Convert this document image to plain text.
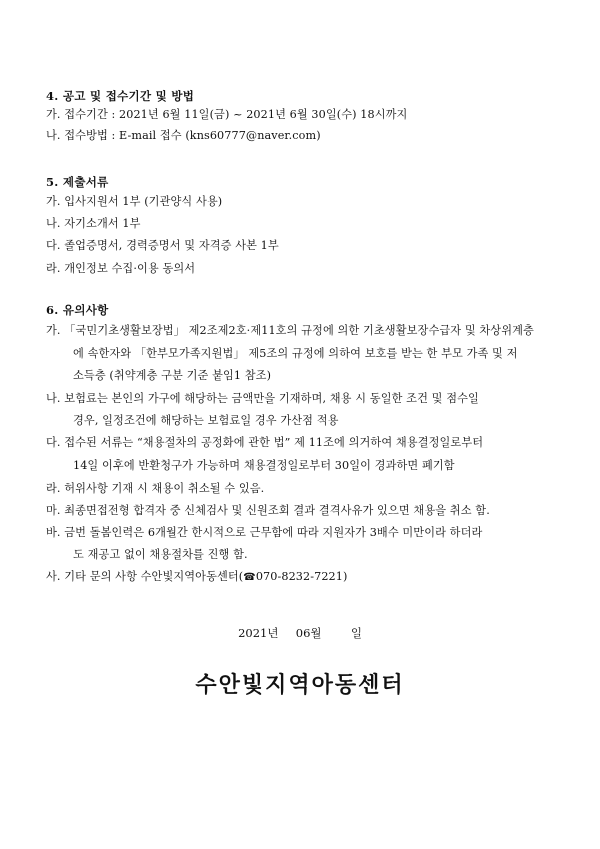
4. 공고 및 접수기간 및 방법
가. 접수기간 : 2021년 6월 11일(금) ~ 2021년 6월 30일(수) 18시까지
나. 접수방법 : E-mail 접수 (kns60777@naver.com)
5. 제출서류
가. 입사지원서 1부 (기관양식 사용)
나. 자기소개서 1부
다. 졸업증명서, 경력증명서 및 자격증 사본 1부
라. 개인정보 수집·이용 동의서
6. 유의사항
가. 「국민기초생활보장법」 제2조제2호·제11호의 규정에 의한 기초생활보장수급자 및 차상위계층
에 속한자와 「한부모가족지원법」 제5조의 규정에 의하여 보호를 받는 한 부모 가족 및 저
소득층 (취약계층 구분 기준 붙임1 참조)
나. 보험료는 본인의 가구에 해당하는 금액만을 기재하며, 채용 시 동일한 조건 및 점수일
경우, 일정조건에 해당하는 보험료일 경우 가산점 적용
다. 접수된 서류는 “채용절차의 공정화에 관한 법” 제 11조에 의거하여 채용결정일로부터
14일 이후에 반환청구가 가능하며 채용결정일로부터 30일이 경과하면 폐기함
라. 허위사항 기재 시 채용이 취소될 수 있음.
마. 최종면접전형 합격자 중 신체검사 및 신원조회 결과 결격사유가 있으면 채용을 취소 함.
바. 금번 돌봄인력은 6개월간 한시적으로 근무함에 따라 지원자가 3배수 미만이라 하더라
도 재공고 없이 채용절차를 진행 함.
사. 기타 문의 사항 수안빛지역아동센터(☎070-8232-7221)
2021년 06월	일
수안빛지역아동센터
